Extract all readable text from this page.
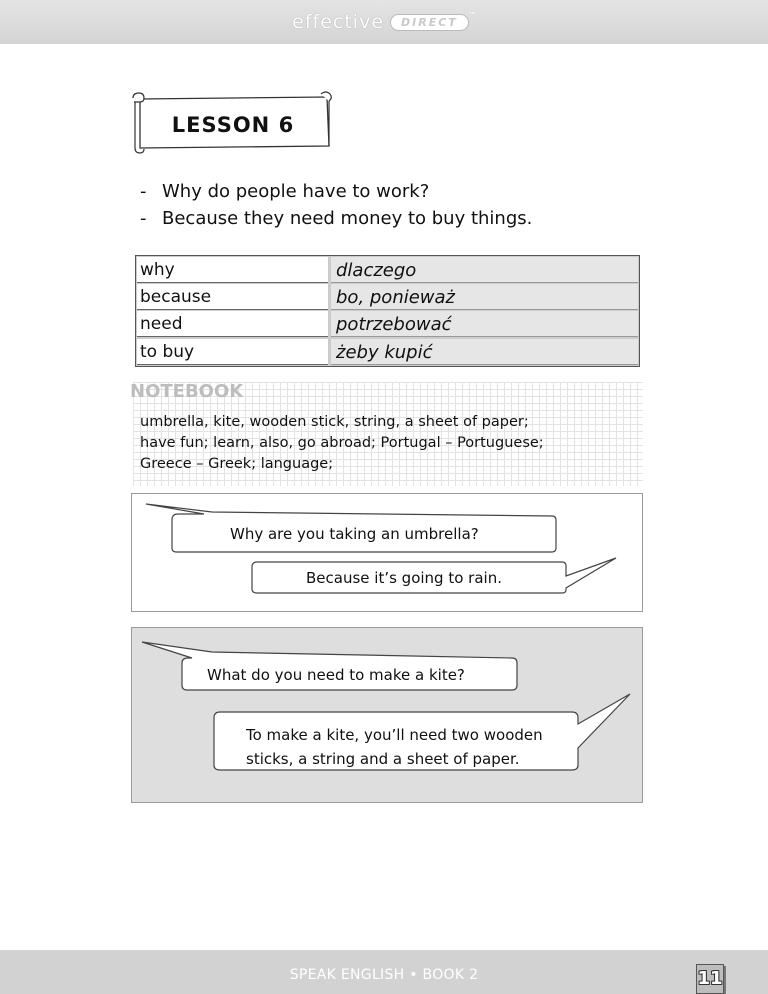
effective DIRECT™
LESSON 6
- Why do people have to work?
- Because they need money to buy things.
why	dlaczego
because	bo, ponieważ
need	potrzebować
to buy	żeby kupić
NOTEBOOK
umbrella, kite, wooden stick, string, a sheet of paper;
have fun; learn, also, go abroad; Portugal – Portuguese;
Greece – Greek; language;
Why are you taking an umbrella?
Because it’s going to rain.
What do you need to make a kite?
To make a kite, you’ll need two wooden
sticks, a string and a sheet of paper.
SPEAK ENGLISH • BOOK 2	11
